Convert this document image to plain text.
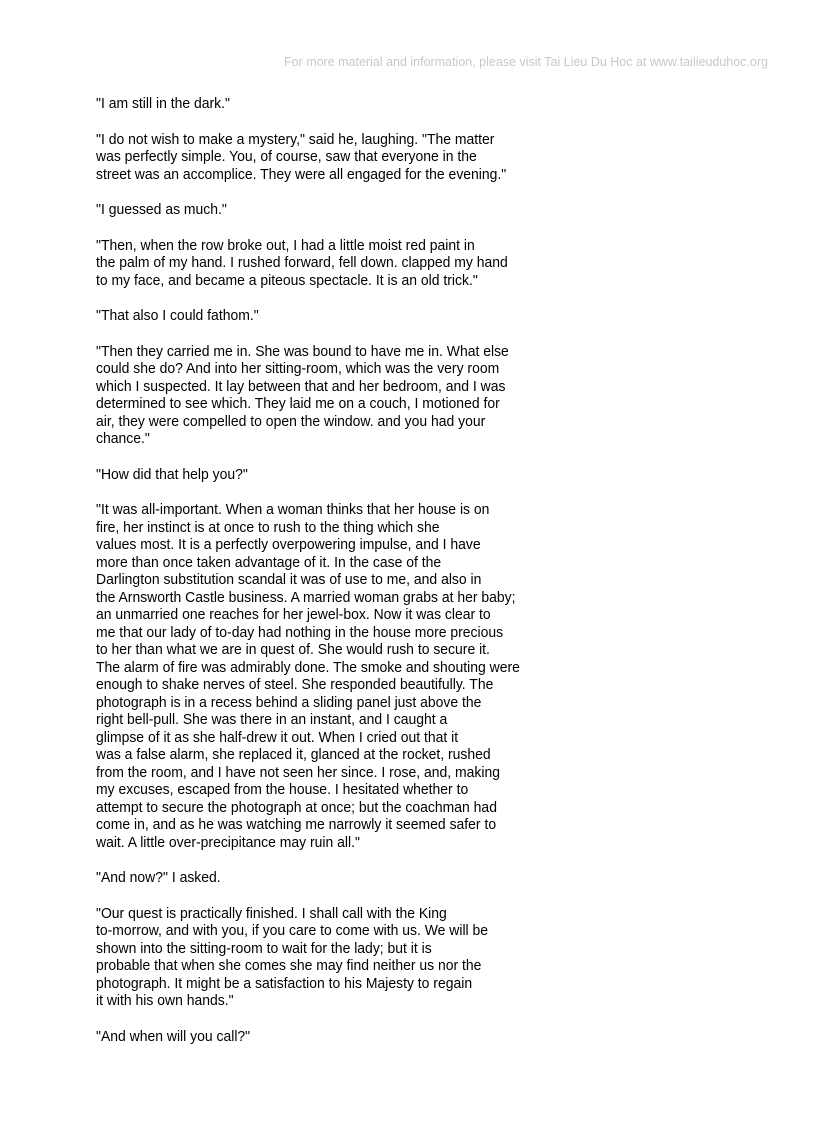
For more material and information, please visit Tai Lieu Du Hoc at www.tailieuduhoc.org

"I am still in the dark."

"I do not wish to make a mystery," said he, laughing. "The matter
was perfectly simple. You, of course, saw that everyone in the
street was an accomplice. They were all engaged for the evening."

"I guessed as much."

"Then, when the row broke out, I had a little moist red paint in
the palm of my hand. I rushed forward, fell down. clapped my hand
to my face, and became a piteous spectacle. It is an old trick."

"That also I could fathom."

"Then they carried me in. She was bound to have me in. What else
could she do? And into her sitting-room, which was the very room
which I suspected. It lay between that and her bedroom, and I was
determined to see which. They laid me on a couch, I motioned for
air, they were compelled to open the window. and you had your
chance."

"How did that help you?"

"It was all-important. When a woman thinks that her house is on
fire, her instinct is at once to rush to the thing which she
values most. It is a perfectly overpowering impulse, and I have
more than once taken advantage of it. In the case of the
Darlington substitution scandal it was of use to me, and also in
the Arnsworth Castle business. A married woman grabs at her baby;
an unmarried one reaches for her jewel-box. Now it was clear to
me that our lady of to-day had nothing in the house more precious
to her than what we are in quest of. She would rush to secure it.
The alarm of fire was admirably done. The smoke and shouting were
enough to shake nerves of steel. She responded beautifully. The
photograph is in a recess behind a sliding panel just above the
right bell-pull. She was there in an instant, and I caught a
glimpse of it as she half-drew it out. When I cried out that it
was a false alarm, she replaced it, glanced at the rocket, rushed
from the room, and I have not seen her since. I rose, and, making
my excuses, escaped from the house. I hesitated whether to
attempt to secure the photograph at once; but the coachman had
come in, and as he was watching me narrowly it seemed safer to
wait. A little over-precipitance may ruin all."

"And now?" I asked.

"Our quest is practically finished. I shall call with the King
to-morrow, and with you, if you care to come with us. We will be
shown into the sitting-room to wait for the lady; but it is
probable that when she comes she may find neither us nor the
photograph. It might be a satisfaction to his Majesty to regain
it with his own hands."

"And when will you call?"
